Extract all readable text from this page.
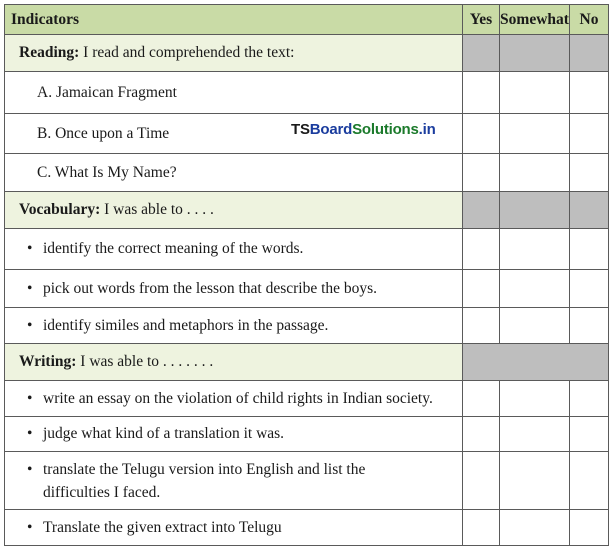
Indicators	Yes	Somewhat	No
Reading: I read and comprehended the text:			
A. Jamaican Fragment			
B. Once upon a Time			
C. What Is My Name?			
Vocabulary: I was able to . . . .			
• identify the correct meaning of the words.			
• pick out words from the lesson that describe the boys.			
• identify similes and metaphors in the passage.			
Writing: I was able to . . . . . . .			
• write an essay on the violation of child rights in Indian society.			
• judge what kind of a translation it was.			

• translate the Telugu version into English and list the difficulties I faced.			

• Translate the given extract into Telugu			
TSBoardSolutions.in
